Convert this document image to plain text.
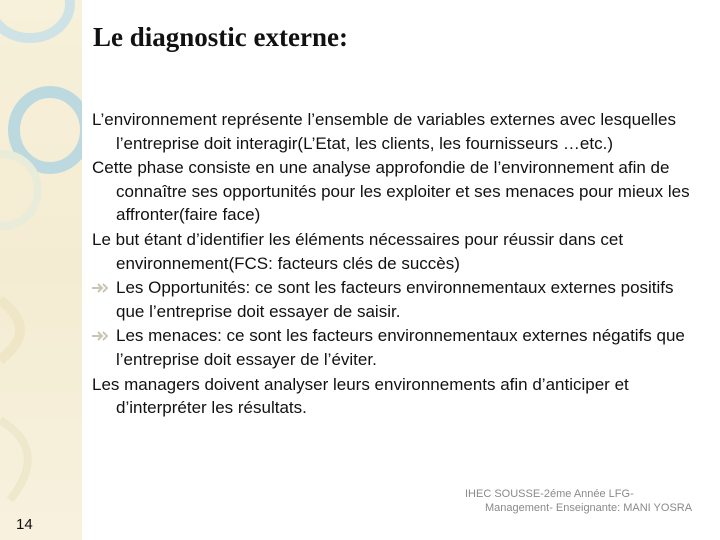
Le diagnostic externe:

L’environnement représente l’ensemble de variables externes avec lesquelles l’entreprise doit interagir(L’Etat, les clients, les fournisseurs …etc.)

Cette phase consiste en une analyse approfondie de l’environnement afin de connaître ses opportunités pour les exploiter et ses menaces pour mieux les affronter(faire face)

Le but étant d’identifier les éléments nécessaires pour réussir dans cet environnement(FCS: facteurs clés de succès)

Les Opportunités: ce sont les facteurs environnementaux externes positifs que l’entreprise doit essayer de saisir.
Les menaces: ce sont les facteurs environnementaux externes négatifs que l’entreprise doit essayer de l’éviter.

Les managers doivent analyser leurs environnements afin d’anticiper et d’interpréter les résultats.

14
IHEC SOUSSE-2éme Année LFG-Management- Enseignante: MANI YOSRA
